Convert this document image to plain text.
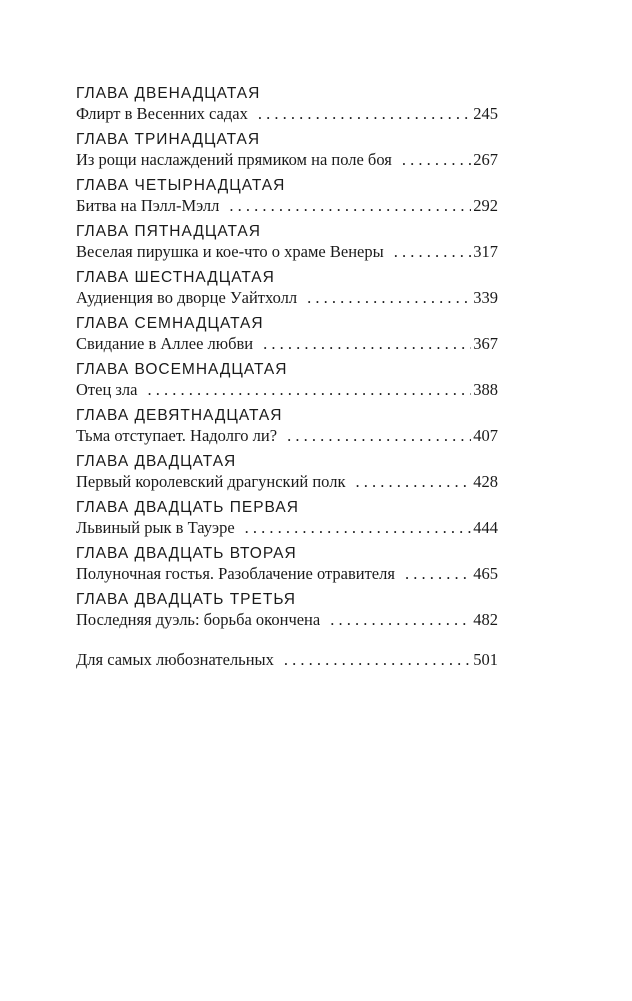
ГЛАВА ДВЕНАДЦАТАЯ
Флирт в Весенних садах . . .	245
ГЛАВА ТРИНАДЦАТАЯ
Из рощи наслаждений прямиком на поле боя . . .	267
ГЛАВА ЧЕТЫРНАДЦАТАЯ
Битва на Пэлл-Мэлл . . .	292
ГЛАВА ПЯТНАДЦАТАЯ
Веселая пирушка и кое-что о храме Венеры . . .	317
ГЛАВА ШЕСТНАДЦАТАЯ
Аудиенция во дворце Уайтхолл . . .	339
ГЛАВА СЕМНАДЦАТАЯ
Свидание в Аллее любви . . .	367
ГЛАВА ВОСЕМНАДЦАТАЯ
Отец зла . . .	388
ГЛАВА ДЕВЯТНАДЦАТАЯ
Тьма отступает. Надолго ли? . . .	407
ГЛАВА ДВАДЦАТАЯ
Первый королевский драгунский полк . . .	428
ГЛАВА ДВАДЦАТЬ ПЕРВАЯ
Львиный рык в Тауэре . . .	444
ГЛАВА ДВАДЦАТЬ ВТОРАЯ
Полуночная гостья. Разоблачение отравителя . . .	465
ГЛАВА ДВАДЦАТЬ ТРЕТЬЯ
Последняя дуэль: борьба окончена . . .	482
Для самых любознательных . . .	501
